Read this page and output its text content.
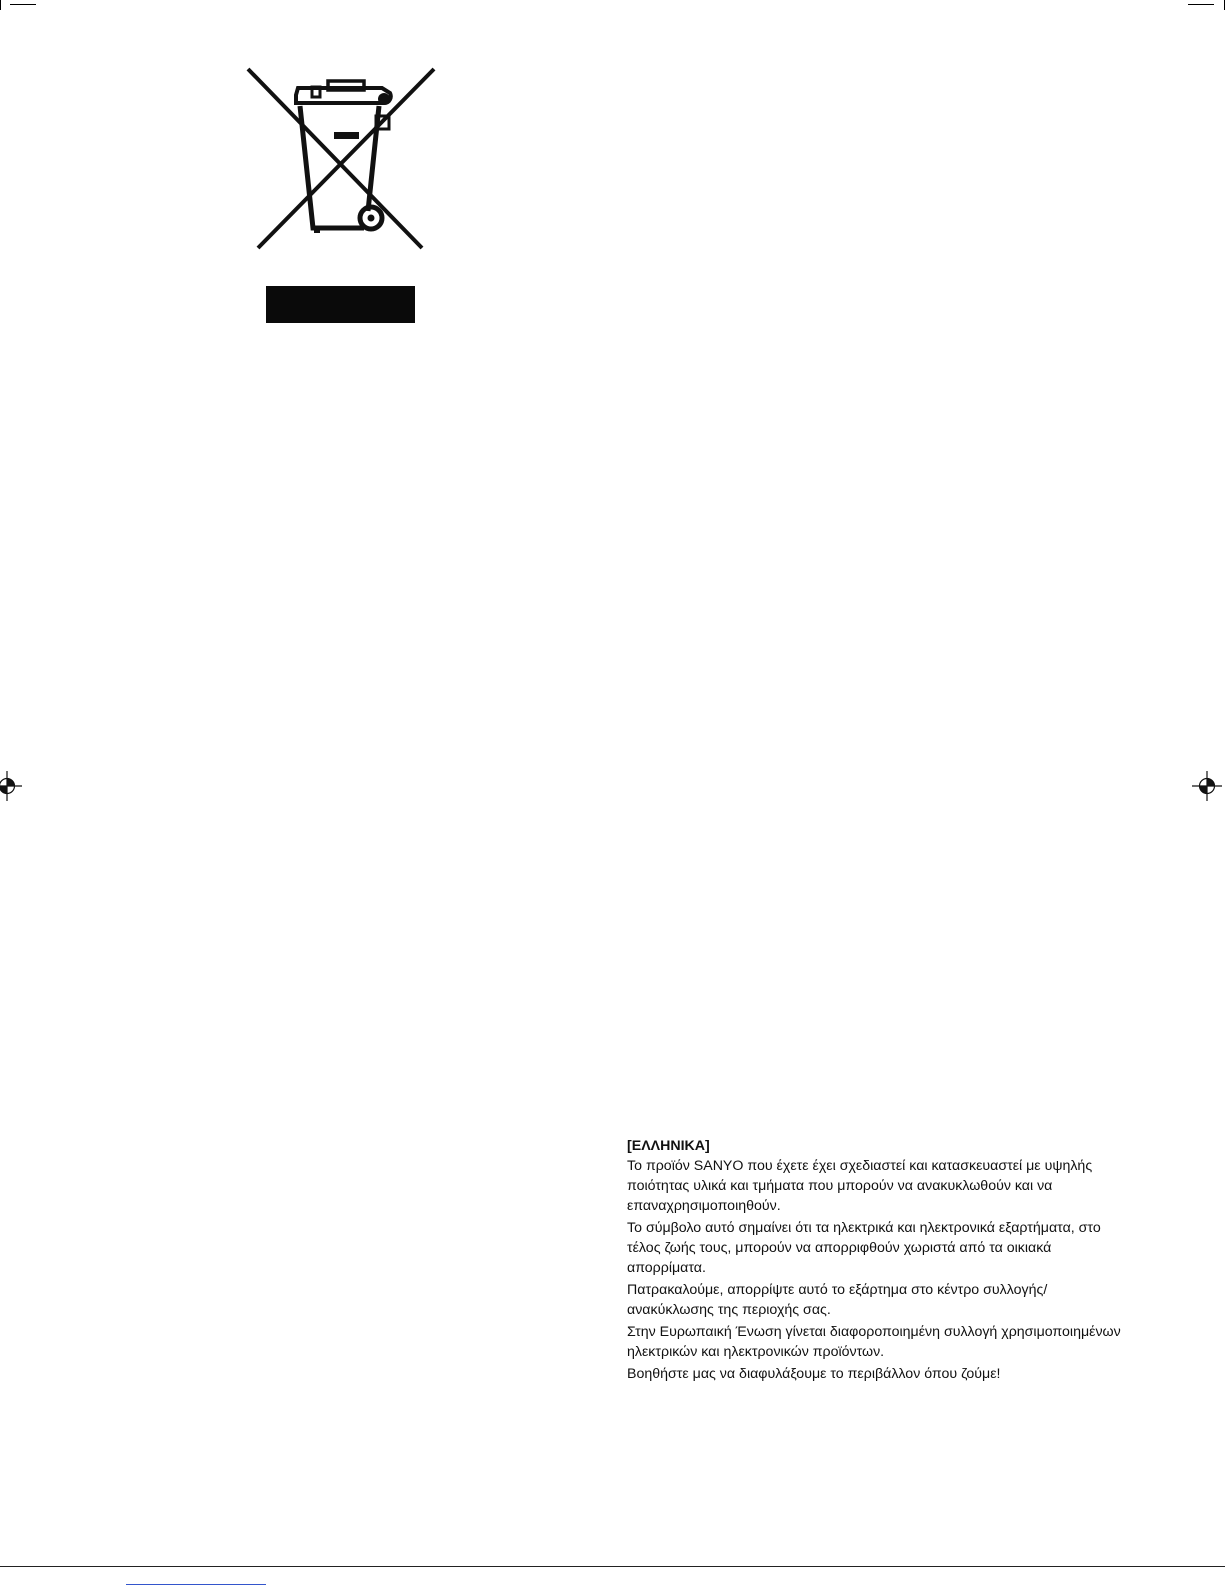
[ΕΛΛΗΝΙΚΑ]

Το προϊόν SANYO που έχετε έχει σχεδιαστεί και κατασκευαστεί με υψηλής ποιότητας υλικά και τμήματα που μπορούν να ανακυκλωθούν και να επαναχρησιμοποιηθούν.

Το σύμβολο αυτό σημαίνει ότι τα ηλεκτρικά και ηλεκτρονικά εξαρτήματα, στο τέλος ζωής τους, μπορούν να απορριφθούν χωριστά από τα οικιακά απορρίματα.

Πατρακαλούμε, απορρίψτε αυτό το εξάρτημα στο κέντρο συλλογής/ ανακύκλωσης της περιοχής σας.

Στην Ευρωπαική Ένωση γίνεται διαφοροποιημένη συλλογή χρησιμοποιημένων ηλεκτρικών και ηλεκτρονικών προϊόντων.

Βοηθήστε μας να διαφυλάξουμε το περιβάλλον όπου ζούμε!
